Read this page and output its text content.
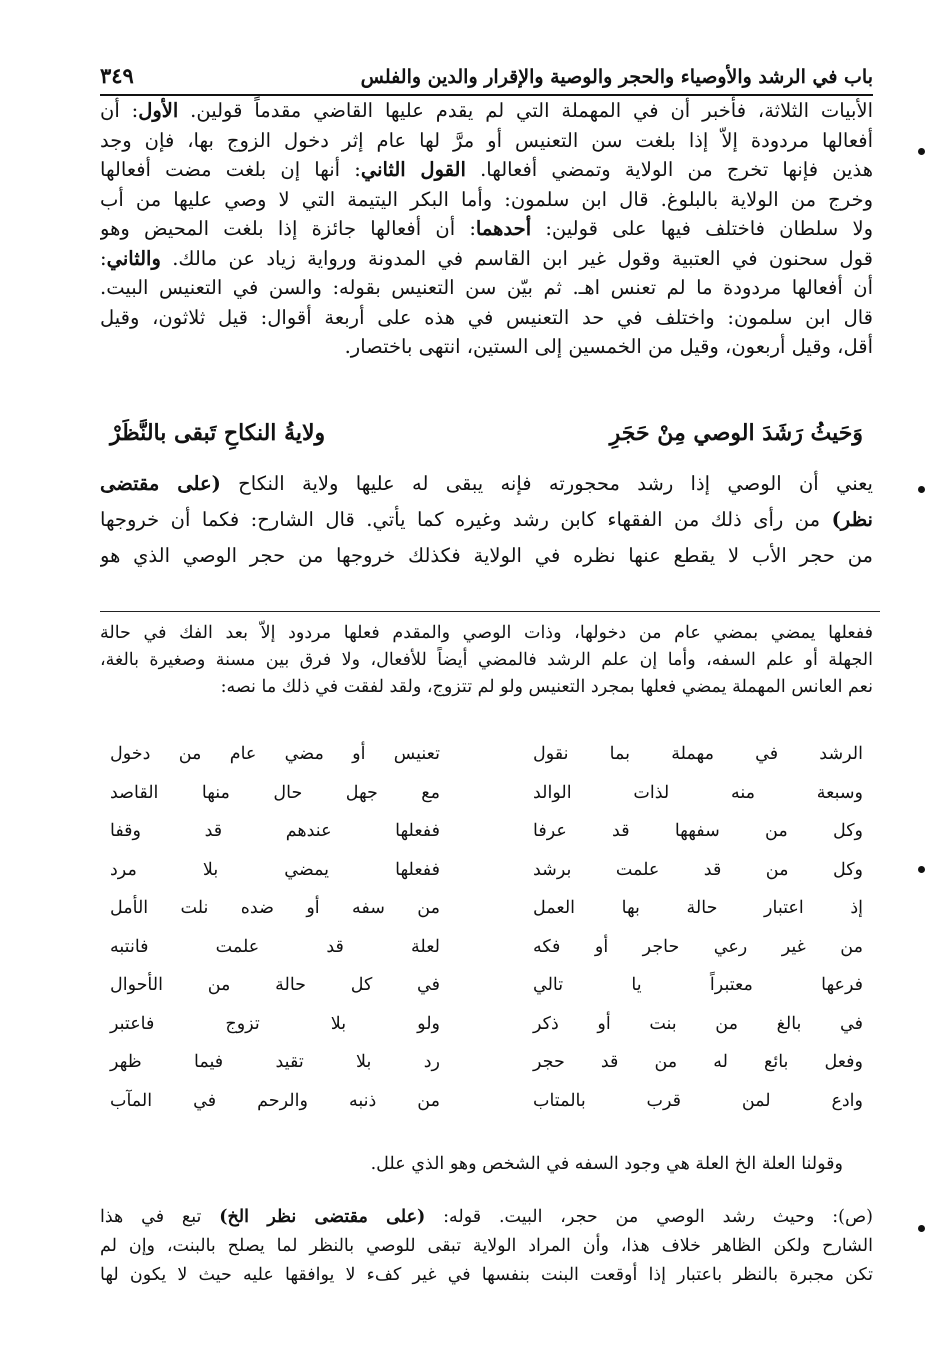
باب في الرشد والأوصياء والحجر والوصية والإقرار والدين والفلس
٣٤٩
الأبيات الثلاثة، فأخبر أن في المهملة التي لم يقدم عليها القاضي مقدماً قولين. الأول: أن
أفعالها مردودة إلاّ إذا بلغت سن التعنيس أو مرَّ لها عام إثر دخول الزوج بها، فإن وجد
هذين فإنها تخرج من الولاية وتمضي أفعالها. القول الثاني: أنها إن بلغت مضت أفعالها
وخرج من الولاية بالبلوغ. قال ابن سلمون: وأما البكر اليتيمة التي لا وصي عليها من أب
ولا سلطان فاختلف فيها على قولين: أحدهما: أن أفعالها جائزة إذا بلغت المحيض وهو
قول سحنون في العتبية وقول غير ابن القاسم في المدونة ورواية زياد عن مالك. والثاني:
أن أفعالها مردودة ما لم تعنس اهـ. ثم بيّن سن التعنيس بقوله: والسن في التعنيس البيت.
قال ابن سلمون: واختلف في حد التعنيس في هذه على أربعة أقوال: قيل ثلاثون، وقيل
أقل، وقيل أربعون، وقيل من الخمسين إلى الستين، انتهى باختصار.
وَحَيثُ رَشَدَ الوصي مِنْ حَجَرِ
ولايةُ النكاحِ تَبقى بالنَّظَرْ
يعني أن الوصي إذا رشد محجورته فإنه يبقى له عليها ولاية النكاح (على مقتضى
نظر) من رأى ذلك من الفقهاء كابن رشد وغيره كما يأتي. قال الشارح: فكما أن خروجها
من حجر الأب لا يقطع عنها نظره في الولاية فكذلك خروجها من حجر الوصي الذي هو
ففعلها يمضي بمضي عام من دخولها، وذات الوصي والمقدم فعلها مردود إلاّ بعد الفك في حالة
الجهلة أو علم السفه، وأما إن علم الرشد فالمضي أيضاً للأفعال، ولا فرق بين مسنة وصغيرة بالغة،
نعم العانس المهملة يمضي فعلها بمجرد التعنيس ولو لم تتزوج، ولقد لفقت في ذلك ما نصه:
الرشد في مهملة بما نقول
تعنيس أو مضي عام من دخول
وسبعة منه لذات الوالد
مع جهل حال منها القاصد
وكل من سفهها قد عرفا
ففعلها عندهم قد وقفا
وكل من قد علمت برشد
ففعلها يمضي بلا مرد
إذ اعتبار حالة بها العمل
من سفه أو ضده نلت الأمل
من غير رعي حاجر أو فكه
لعلة قد علمت فانتبه
فرعها معتبراً يا تالي
في كل حالة من الأحوال
في بالغ من بنت أو ذكر
ولو بلا تزوج فاعتبر
وفعل بائع له من قد حجر
رد بلا تقيد فيما ظهر
وادع لمن قرب بالمتاب
من ذنبه والرحم في المآب
وقولنا العلة الخ العلة هي وجود السفه في الشخص وهو الذي علل.
(ص): وحيث رشد الوصي من حجر، البيت. قوله: (على مقتضى نظر الخ) تبع في هذا
الشارح ولكن الظاهر خلاف هذا، وأن المراد الولاية تبقى للوصي بالنظر لما يصلح بالبنت، وإن لم
تكن مجبرة بالنظر باعتبار إذا أوقعت البنت بنفسها في غير كفء لا يوافقها عليه حيث لا يكون لها
